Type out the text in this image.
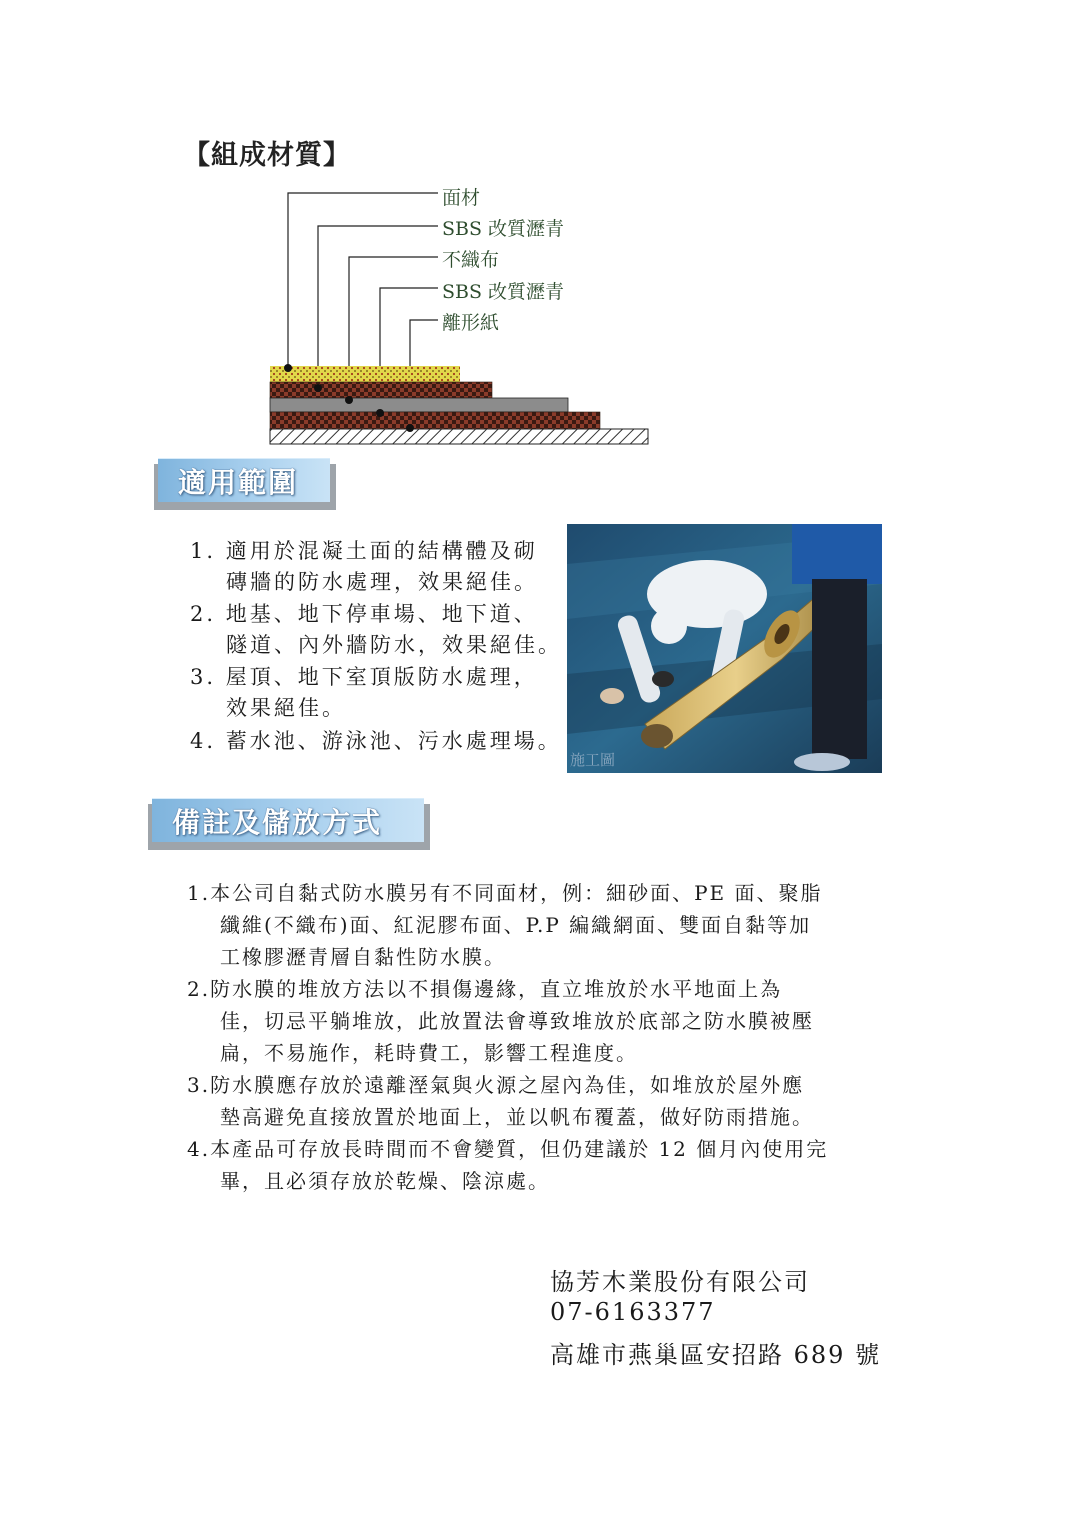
【組成材質】
面材
SBS 改質瀝青
不織布
SBS 改質瀝青
離形紙
適用範圍
1. 適用於混凝土面的結構體及砌
磚牆的防水處理，效果絕佳。
2. 地基、地下停車場、地下道、
隧道、內外牆防水，效果絕佳。
3. 屋頂、地下室頂版防水處理，
效果絕佳。
4. 蓄水池、游泳池、污水處理場。
施工圖
備註及儲放方式
1.本公司自黏式防水膜另有不同面材，例：細砂面、PE 面、聚脂
纖維(不織布)面、紅泥膠布面、P.P 編織網面、雙面自黏等加
工橡膠瀝青層自黏性防水膜。
2.防水膜的堆放方法以不損傷邊緣，直立堆放於水平地面上為
佳，切忌平躺堆放，此放置法會導致堆放於底部之防水膜被壓
扁，不易施作，耗時費工，影響工程進度。
3.防水膜應存放於遠離溼氣與火源之屋內為佳，如堆放於屋外應
墊高避免直接放置於地面上，並以帆布覆蓋，做好防雨措施。
4.本產品可存放長時間而不會變質，但仍建議於 12 個月內使用完
畢，且必須存放於乾燥、陰涼處。
協芳木業股份有限公司
07-6163377
高雄市燕巢區安招路 689 號
